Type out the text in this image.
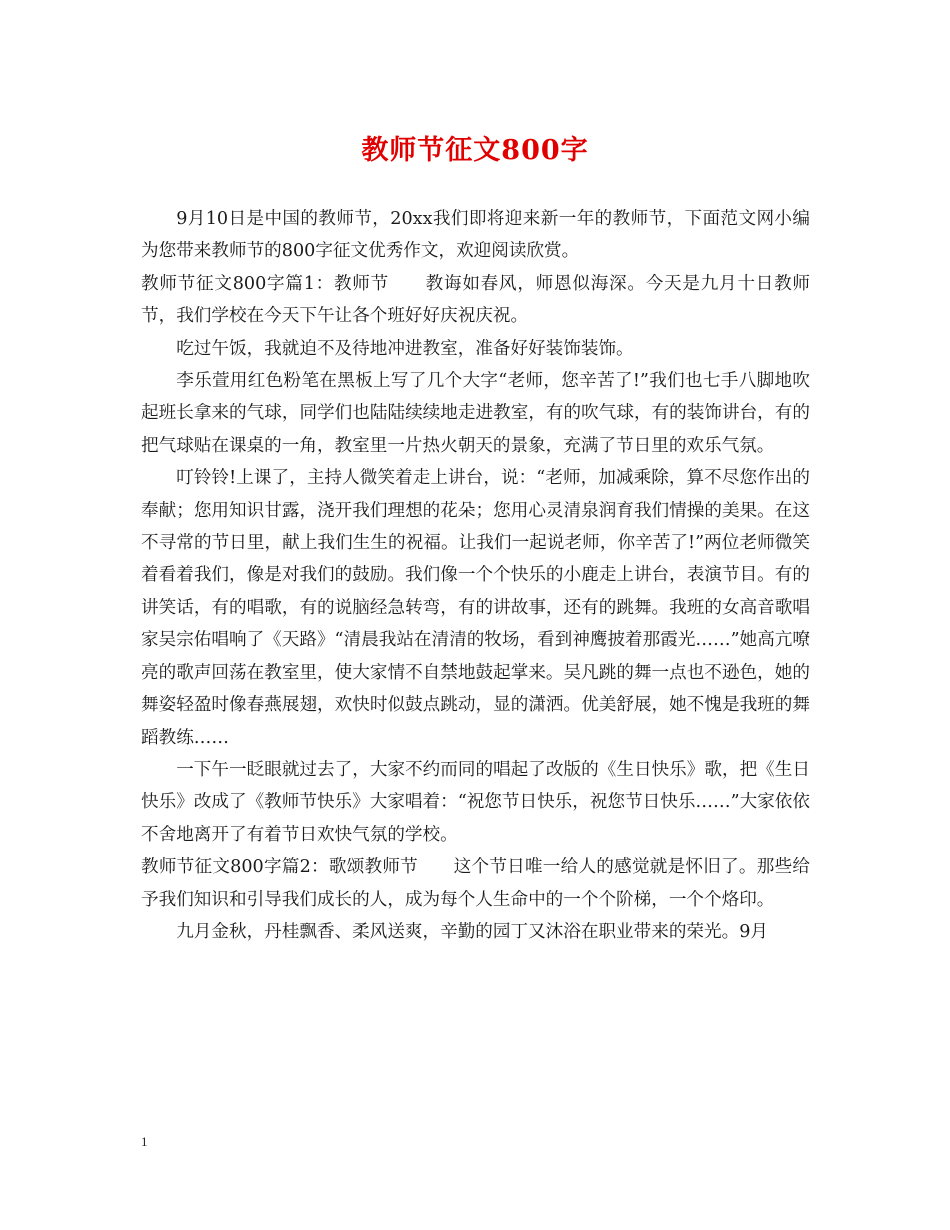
教师节征文800字

9月10日是中国的教师节，20xx我们即将迎来新一年的教师节，下面范文网小编为您带来教师节的800字征文优秀作文，欢迎阅读欣赏。

教师节征文800字篇1：教师节　　教诲如春风，师恩似海深。今天是九月十日教师节，我们学校在今天下午让各个班好好庆祝庆祝。

吃过午饭，我就迫不及待地冲进教室，准备好好装饰装饰。

李乐萱用红色粉笔在黑板上写了几个大字“老师，您辛苦了!”我们也七手八脚地吹起班长拿来的气球，同学们也陆陆续续地走进教室，有的吹气球，有的装饰讲台，有的把气球贴在课桌的一角，教室里一片热火朝天的景象，充满了节日里的欢乐气氛。

叮铃铃!上课了，主持人微笑着走上讲台，说：“老师，加减乘除，算不尽您作出的奉献；您用知识甘露，浇开我们理想的花朵；您用心灵清泉润育我们情操的美果。在这不寻常的节日里，献上我们生生的祝福。让我们一起说老师，你辛苦了!”两位老师微笑着看着我们，像是对我们的鼓励。我们像一个个快乐的小鹿走上讲台，表演节目。有的讲笑话，有的唱歌，有的说脑经急转弯，有的讲故事，还有的跳舞。我班的女高音歌唱家吴宗佑唱响了《天路》“清晨我站在清清的牧场，看到神鹰披着那霞光……”她高亢嘹亮的歌声回荡在教室里，使大家情不自禁地鼓起掌来。吴凡跳的舞一点也不逊色，她的舞姿轻盈时像春燕展翅，欢快时似鼓点跳动，显的潇洒。优美舒展，她不愧是我班的舞蹈教练……

一下午一眨眼就过去了，大家不约而同的唱起了改版的《生日快乐》歌，把《生日快乐》改成了《教师节快乐》大家唱着：“祝您节日快乐，祝您节日快乐……”大家依依不舍地离开了有着节日欢快气氛的学校。

教师节征文800字篇2：歌颂教师节　　这个节日唯一给人的感觉就是怀旧了。那些给予我们知识和引导我们成长的人，成为每个人生命中的一个个阶梯，一个个烙印。

九月金秋，丹桂飘香、柔风送爽，辛勤的园丁又沐浴在职业带来的荣光。9月

1
